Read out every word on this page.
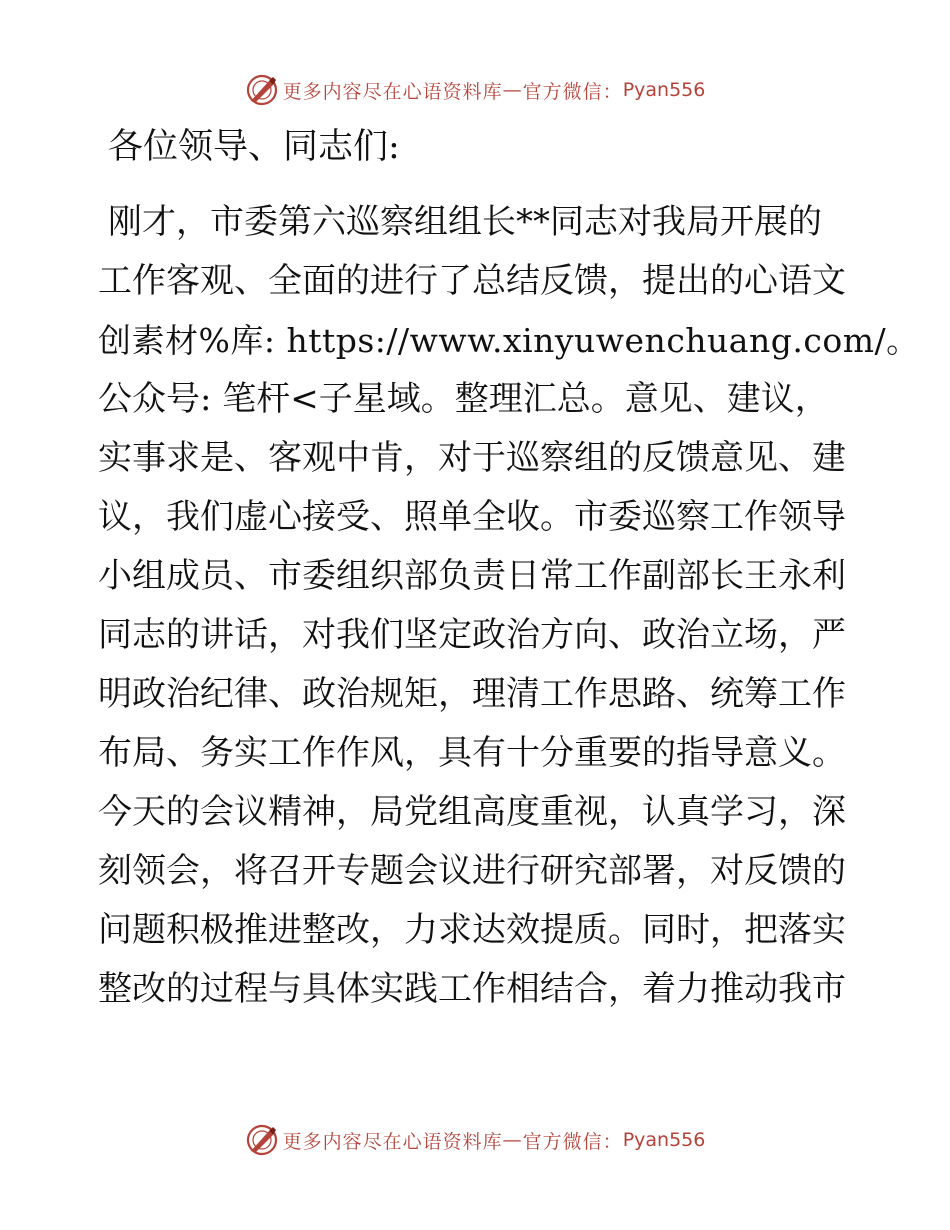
更多内容尽在心语资料库 — 官方微信： Pyan556
各位领导、同志们:
刚才，市委第六巡察组组长**同志对我局开展的
工作客观、全面的进行了总结反馈，提出的心语文
创素材%库: https://www.xinyuwenchuang.com/。
公众号: 笔杆<子星域。整理汇总。意见、建议，
实事求是、客观中肯，对于巡察组的反馈意见、建
议，我们虚心接受、照单全收。市委巡察工作领导
小组成员、市委组织部负责日常工作副部长王永利
同志的讲话，对我们坚定政治方向、政治立场，严
明政治纪律、政治规矩，理清工作思路、统筹工作
布局、务实工作作风，具有十分重要的指导意义。
今天的会议精神，局党组高度重视，认真学习，深
刻领会，将召开专题会议进行研究部署，对反馈的
问题积极推进整改，力求达效提质。同时，把落实
整改的过程与具体实践工作相结合，着力推动我市
更多内容尽在心语资料库 — 官方微信： Pyan556
